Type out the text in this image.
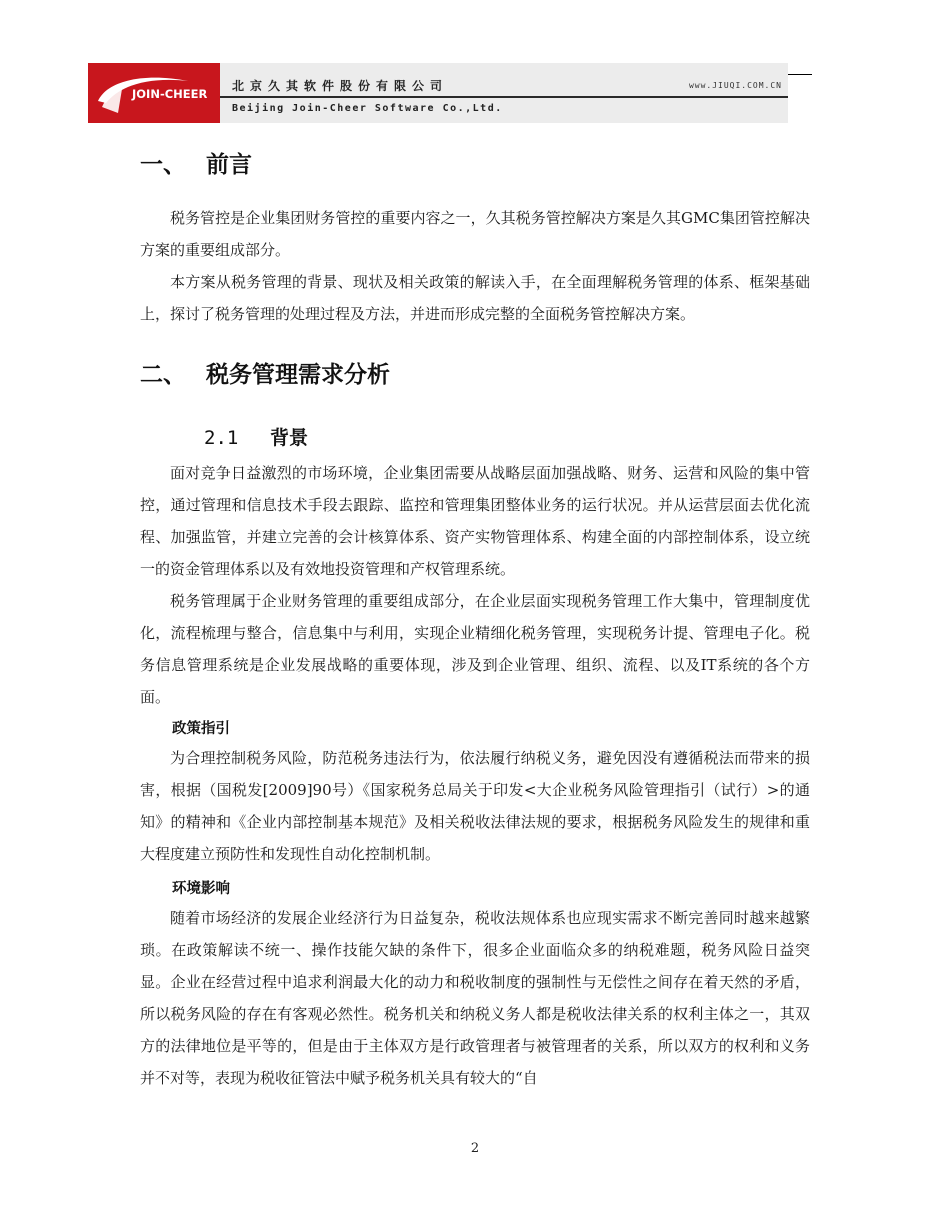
JOIN-CHEER
北京久其软件股份有限公司	www.JIUQI.COM.CN
Beijing Join-Cheer Software Co.,Ltd.
一、 前言

税务管控是企业集团财务管控的重要内容之一，久其税务管控解决方案是久其GMC集团管控解决方案的重要组成部分。

本方案从税务管理的背景、现状及相关政策的解读入手，在全面理解税务管理的体系、框架基础上，探讨了税务管理的处理过程及方法，并进而形成完整的全面税务管控解决方案。

二、 税务管理需求分析
2.1 背景

面对竞争日益激烈的市场环境，企业集团需要从战略层面加强战略、财务、运营和风险的集中管控，通过管理和信息技术手段去跟踪、监控和管理集团整体业务的运行状况。并从运营层面去优化流程、加强监管，并建立完善的会计核算体系、资产实物管理体系、构建全面的内部控制体系，设立统一的资金管理体系以及有效地投资管理和产权管理系统。

税务管理属于企业财务管理的重要组成部分，在企业层面实现税务管理工作大集中，管理制度优化，流程梳理与整合，信息集中与利用，实现企业精细化税务管理，实现税务计提、管理电子化。税务信息管理系统是企业发展战略的重要体现，涉及到企业管理、组织、流程、以及IT系统的各个方面。

政策指引

为合理控制税务风险，防范税务违法行为，依法履行纳税义务，避免因没有遵循税法而带来的损害，根据（国税发[2009]90号）《国家税务总局关于印发<大企业税务风险管理指引（试行）>的通知》的精神和《企业内部控制基本规范》及相关税收法律法规的要求，根据税务风险发生的规律和重大程度建立预防性和发现性自动化控制机制。

环境影响

随着市场经济的发展企业经济行为日益复杂，税收法规体系也应现实需求不断完善同时越来越繁琐。在政策解读不统一、操作技能欠缺的条件下，很多企业面临众多的纳税难题，税务风险日益突显。企业在经营过程中追求利润最大化的动力和税收制度的强制性与无偿性之间存在着天然的矛盾，所以税务风险的存在有客观必然性。税务机关和纳税义务人都是税收法律关系的权利主体之一，其双方的法律地位是平等的，但是由于主体双方是行政管理者与被管理者的关系，所以双方的权利和义务并不对等，表现为税收征管法中赋予税务机关具有较大的“自

2
